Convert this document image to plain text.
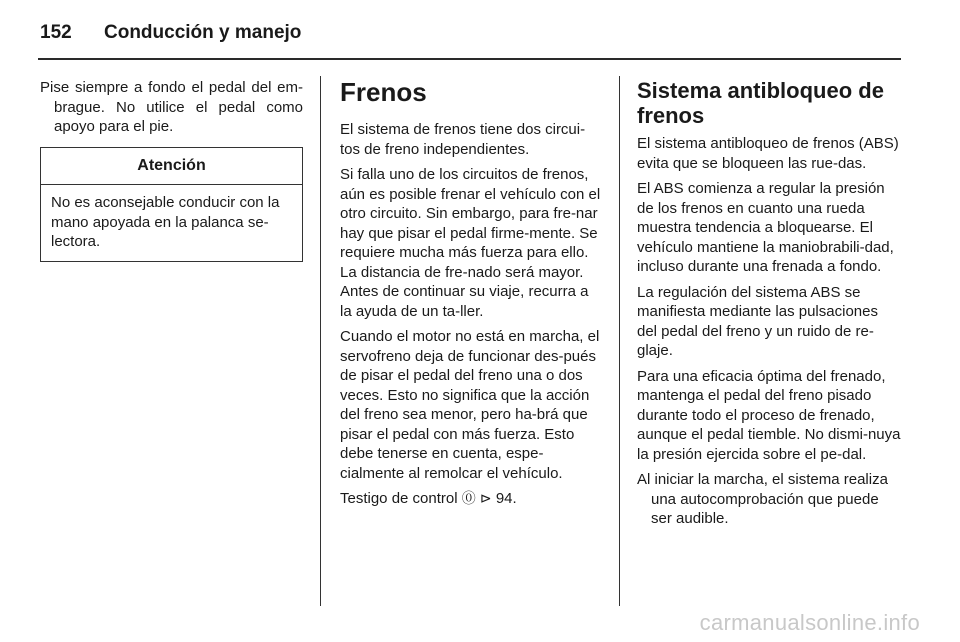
152	Conducción y manejo

Pise siempre a fondo el pedal del em-brague. No utilice el pedal como apoyo para el pie.

Atención

No es aconsejable conducir con la mano apoyada en la palanca se-lectora.

Frenos

El sistema de frenos tiene dos circui-tos de freno independientes.

Si falla uno de los circuitos de frenos, aún es posible frenar el vehículo con el otro circuito. Sin embargo, para fre-nar hay que pisar el pedal firme-mente. Se requiere mucha más fuerza para ello. La distancia de fre-nado será mayor. Antes de continuar su viaje, recurra a la ayuda de un ta-ller.

Cuando el motor no está en marcha, el servofreno deja de funcionar des-pués de pisar el pedal del freno una o dos veces. Esto no significa que la acción del freno sea menor, pero ha-brá que pisar el pedal con más fuerza. Esto debe tenerse en cuenta, espe-cialmente al remolcar el vehículo.

Testigo de control ⓪ ⊳ 94.

Sistema antibloqueo de frenos

El sistema antibloqueo de frenos (ABS) evita que se bloqueen las rue-das.

El ABS comienza a regular la presión de los frenos en cuanto una rueda muestra tendencia a bloquearse. El vehículo mantiene la maniobrabili-dad, incluso durante una frenada a fondo.

La regulación del sistema ABS se manifiesta mediante las pulsaciones del pedal del freno y un ruido de re-glaje.

Para una eficacia óptima del frenado, mantenga el pedal del freno pisado durante todo el proceso de frenado, aunque el pedal tiemble. No dismi-nuya la presión ejercida sobre el pe-dal.

Al iniciar la marcha, el sistema realiza una autocomprobación que puede ser audible.

carmanualsonline.info
